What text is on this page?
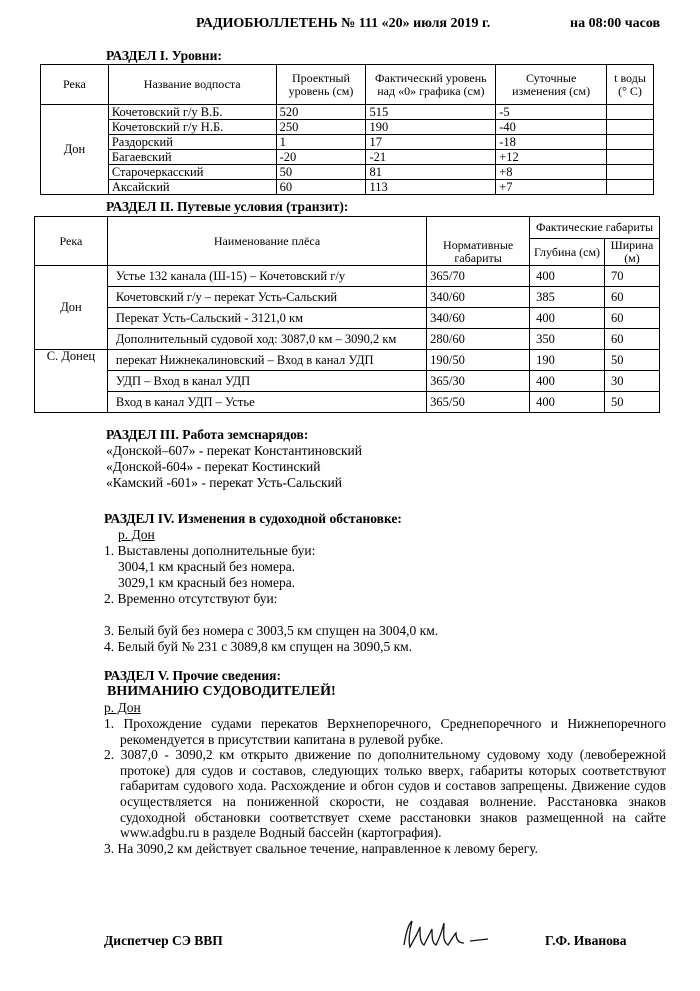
РАДИОБЮЛЛЕТЕНЬ № 111 «20» июля 2019 г.	на 08:00 часов
РАЗДЕЛ I. Уровни:
Река	Название водпоста	Проектный уровень (см)	Фактический уровень над «0» графика (см)	Суточные изменения (см)	t воды (° C)
Дон	Кочетовский г/у В.Б.	520	515	-5	
	Кочетовский г/у Н.Б.	250	190	-40	
	Раздорский	1	17	-18	
	Багаевский	-20	-21	+12	
	Старочеркасский	50	81	+8	
	Аксайский	60	113	+7	
РАЗДЕЛ II. Путевые условия (транзит):
Река	Наименование плёса	Нормативные габариты	Фактические габариты	
			Глубина (см)	Ширина (м)
Дон	Устье 132 канала (Ш-15) – Кочетовский г/у	365/70	400	70
	Кочетовский г/у – перекат Усть-Сальский	340/60	385	60
	Перекат Усть-Сальский - 3121,0 км	340/60	400	60
	Дополнительный судовой ход: 3087,0 км – 3090,2 км	280/60	350	60
С. Донец	перекат Нижнекалиновский – Вход в канал УДП	190/50	190	50
	УДП – Вход в канал УДП	365/30	400	30
	Вход в канал УДП – Устье	365/50	400	50
РАЗДЕЛ III. Работа земснарядов:
«Донской–607» - перекат Константиновский
«Донской-604» - перекат Костинский
«Камский -601» - перекат Усть-Сальский
РАЗДЕЛ IV. Изменения в судоходной обстановке:
р. Дон
1. Выставлены дополнительные буи:
3004,1 км красный без номера.
3029,1 км красный без номера.
2. Временно отсутствуют буи:
3. Белый буй без номера с 3003,5 км спущен на 3004,0 км.
4. Белый буй № 231 с 3089,8 км спущен на 3090,5 км.
РАЗДЕЛ V. Прочие сведения:
ВНИМАНИЮ СУДОВОДИТЕЛЕЙ!
р. Дон
1. Прохождение судами перекатов Верхнепоречного, Среднепоречного и Нижнепоречного рекомендуется в присутствии капитана в рулевой рубке.
2. 3087,0 - 3090,2 км открыто движение по дополнительному судовому ходу (левобережной протоке) для судов и составов, следующих только вверх, габариты которых соответствуют габаритам судового хода. Расхождение и обгон судов и составов запрещены. Движение судов осуществляется на пониженной скорости, не создавая волнение. Расстановка знаков судоходной обстановки соответствует схеме расстановки знаков размещенной на сайте www.adgbu.ru в разделе Водный бассейн (картография).
3. На 3090,2 км действует свальное течение, направленное к левому берегу.
Диспетчер СЭ ВВП	Г.Ф. Иванова
